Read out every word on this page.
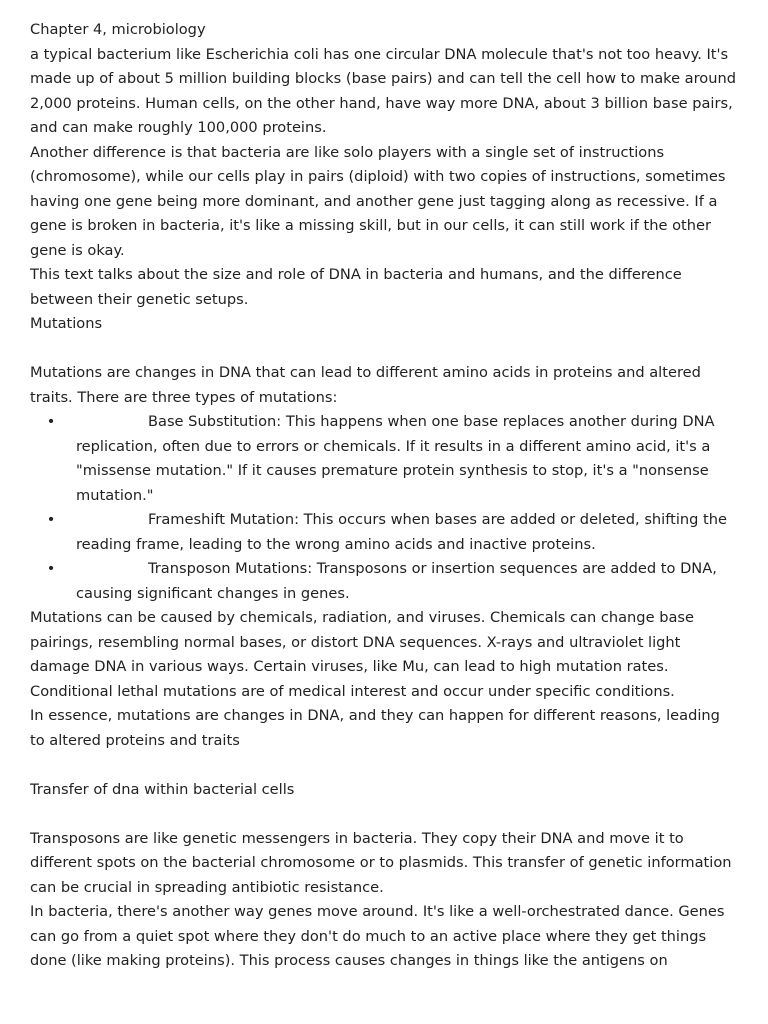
Chapter 4, microbiology

a typical bacterium like Escherichia coli has one circular DNA molecule that's not too heavy. It's made up of about 5 million building blocks (base pairs) and can tell the cell how to make around 2,000 proteins. Human cells, on the other hand, have way more DNA, about 3 billion base pairs, and can make roughly 100,000 proteins.

Another difference is that bacteria are like solo players with a single set of instructions (chromosome), while our cells play in pairs (diploid) with two copies of instructions, sometimes having one gene being more dominant, and another gene just tagging along as recessive. If a gene is broken in bacteria, it's like a missing skill, but in our cells, it can still work if the other gene is okay.

This text talks about the size and role of DNA in bacteria and humans, and the difference between their genetic setups.

Mutations

Mutations are changes in DNA that can lead to different amino acids in proteins and altered traits. There are three types of mutations:

•	Base Substitution: This happens when one base replaces another during DNA replication, often due to errors or chemicals. If it results in a different amino acid, it's a "missense mutation." If it causes premature protein synthesis to stop, it's a "nonsense mutation."
•	Frameshift Mutation: This occurs when bases are added or deleted, shifting the reading frame, leading to the wrong amino acids and inactive proteins.
•	Transposon Mutations: Transposons or insertion sequences are added to DNA, causing significant changes in genes.

Mutations can be caused by chemicals, radiation, and viruses. Chemicals can change base pairings, resembling normal bases, or distort DNA sequences. X-rays and ultraviolet light damage DNA in various ways. Certain viruses, like Mu, can lead to high mutation rates.

Conditional lethal mutations are of medical interest and occur under specific conditions.

In essence, mutations are changes in DNA, and they can happen for different reasons, leading to altered proteins and traits

Transfer of dna within bacterial cells

Transposons are like genetic messengers in bacteria. They copy their DNA and move it to different spots on the bacterial chromosome or to plasmids. This transfer of genetic information can be crucial in spreading antibiotic resistance.

In bacteria, there's another way genes move around. It's like a well-orchestrated dance. Genes can go from a quiet spot where they don't do much to an active place where they get things done (like making proteins). This process causes changes in things like the antigens on
